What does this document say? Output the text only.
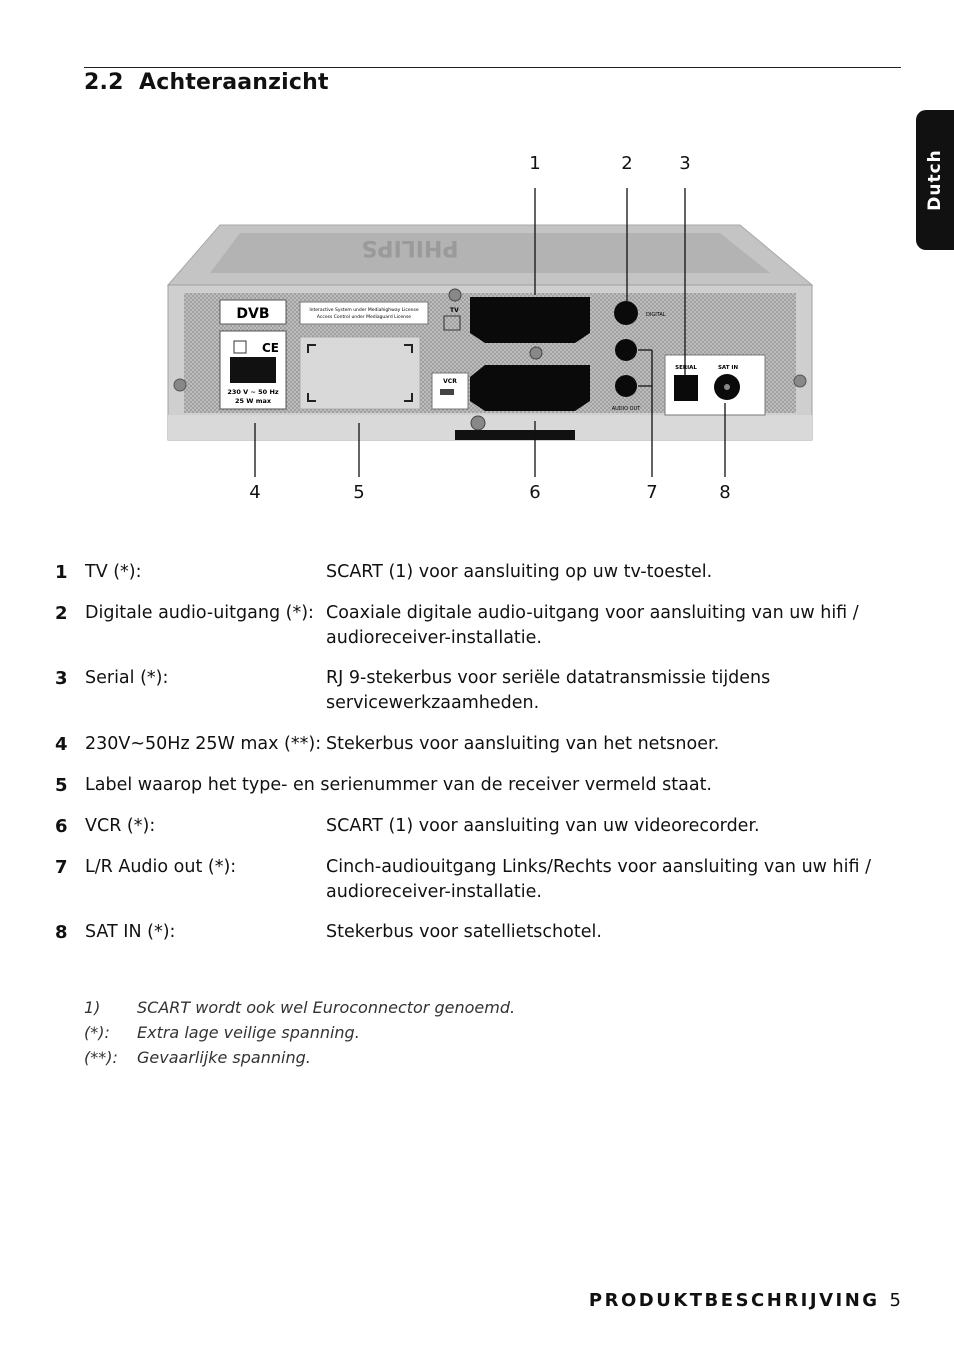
2.2 Achteraanzicht
Dutch
PHILIPS
DVB	Interactive System under Mediahighway License
Access Control under Mediaguard License
CE
230 V ~ 50 Hz
25 W max
TV
VCR
DIGITAL
AUDIO OUT
SERIAL	SAT IN
1	2	3
4	5	6	7	8
1 TV (*):	SCART (1) voor aansluiting op uw tv-toestel.
2 Digitale audio-uitgang (*): Coaxiale digitale audio-uitgang voor aansluiting van uw hifi / audioreceiver-installatie.
3 Serial (*):	RJ 9-stekerbus voor seriële datatransmissie tijdens servicewerkzaamheden.
4 230V~50Hz 25W max (**): Stekerbus voor aansluiting van het netsnoer.
5 Label waarop het type- en serienummer van de receiver vermeld staat.
6 VCR (*):	SCART (1) voor aansluiting van uw videorecorder.
7 L/R Audio out (*):	Cinch-audiouitgang Links/Rechts voor aansluiting van uw hifi / audioreceiver-installatie.
8 SAT IN (*):	Stekerbus voor satellietschotel.
1) SCART wordt ook wel Euroconnector genoemd.
(*): Extra lage veilige spanning.
(**): Gevaarlijke spanning.
PRODUKTBESCHRIJVING 5
